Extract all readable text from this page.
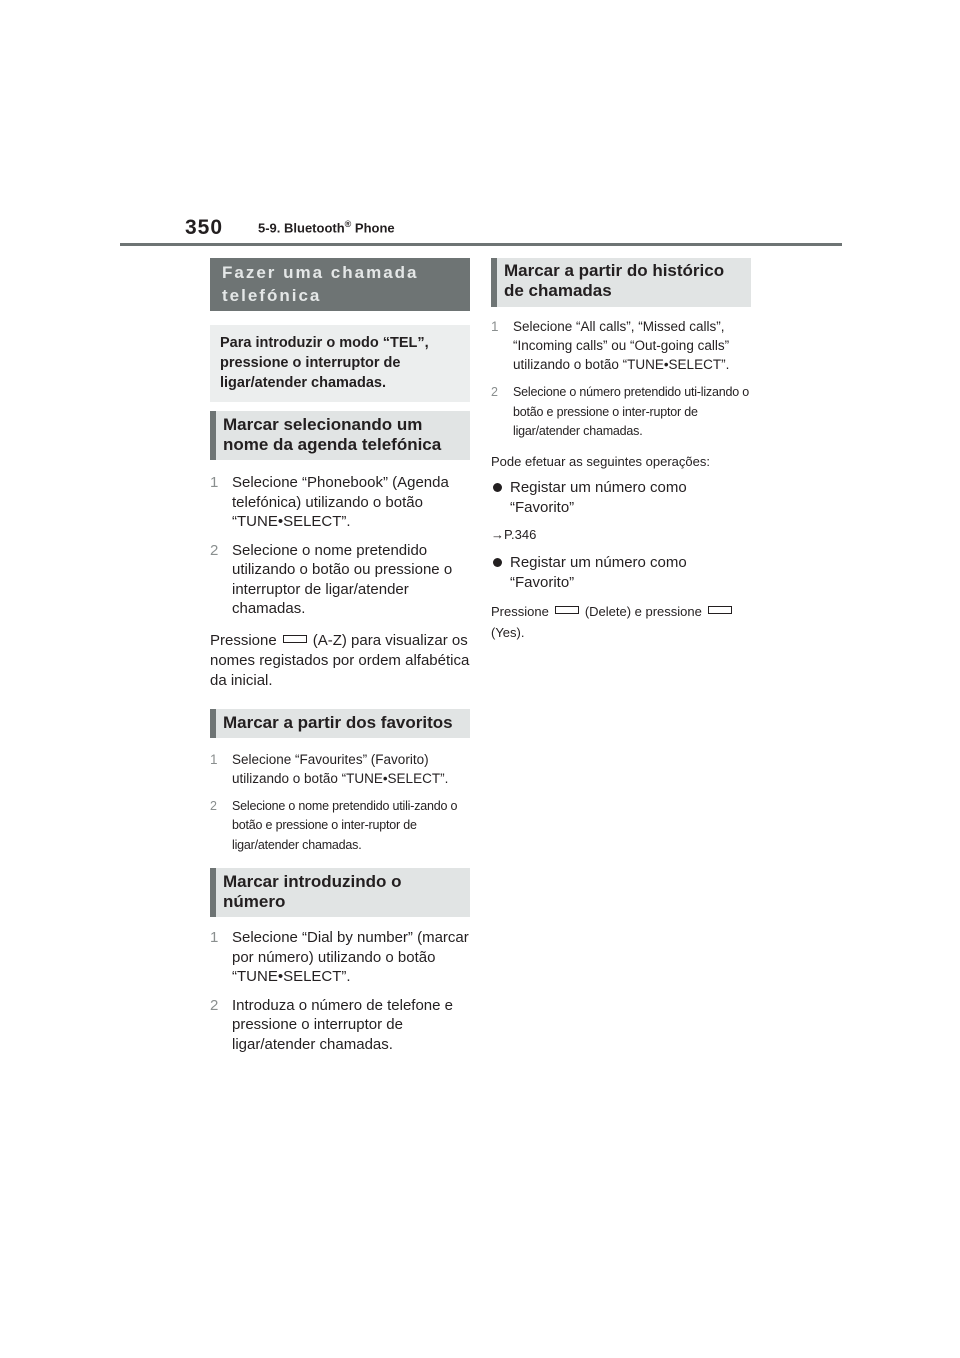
350	5-9. Bluetooth® Phone
Fazer uma chamada telefónica
Para introduzir o modo “TEL”, pressione o interruptor de ligar/atender chamadas.
Marcar selecionando um nome da agenda telefónica
1 Selecione “Phonebook” (Agenda telefónica) utilizando o botão “TUNE•SELECT”.
2 Selecione o nome pretendido utilizando o botão ou pressione o interruptor de ligar/atender chamadas.

Pressione (A-Z) para visualizar os nomes registados por ordem alfabética da inicial.

Marcar a partir dos favoritos
1 Selecione “Favourites” (Favorito) utilizando o botão “TUNE•SELECT”.
2 Selecione o nome pretendido utili-zando o botão e pressione o inter-ruptor de ligar/atender chamadas.
Marcar introduzindo o número
1 Selecione “Dial by number” (marcar por número) utilizando o botão “TUNE•SELECT”.
2 Introduza o número de telefone e pressione o interruptor de ligar/atender chamadas.
Marcar a partir do histórico de chamadas
1 Selecione “All calls”, “Missed calls”, “Incoming calls” ou “Out-going calls” utilizando o botão “TUNE•SELECT”.
2 Selecione o número pretendido uti-lizando o botão e pressione o inter-ruptor de ligar/atender chamadas.

Pode efetuar as seguintes operações:

Registar um número como “Favorito”
→P.346
Registar um número como “Favorito”

Pressione	(Delete) e pressione
(Yes).
